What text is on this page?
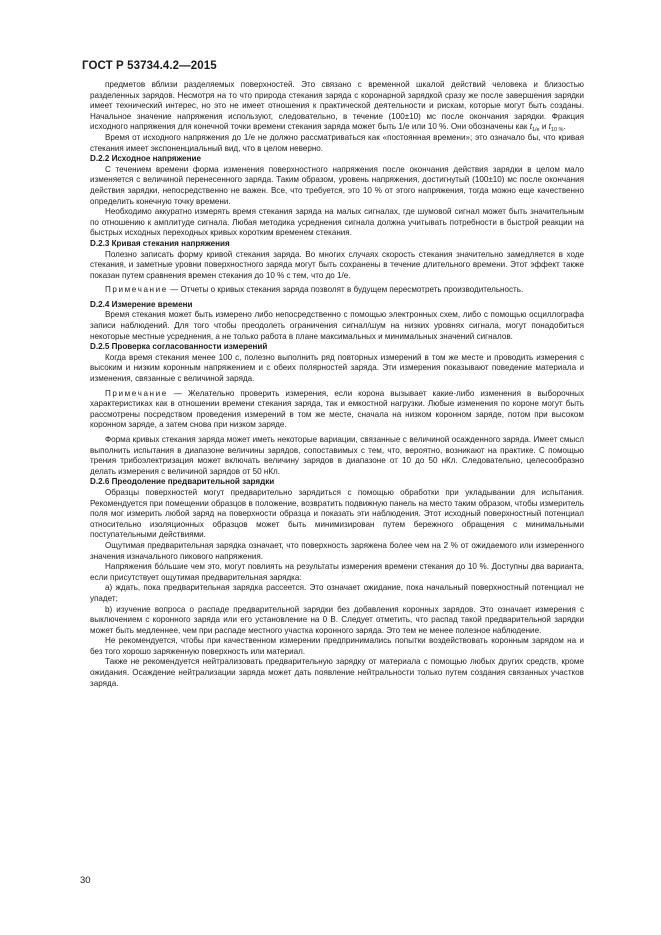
ГОСТ Р 53734.4.2—2015

предметов вблизи разделяемых поверхностей. Это связано с временной шкалой действий человека и близостью разделенных зарядов. Несмотря на то что природа стекания заряда с коронарной зарядкой сразу же после завершения зарядки имеет технический интерес, но это не имеет отношения к практической деятельности и рискам, которые могут быть созданы. Начальное значение напряжения используют, следовательно, в течение (100±10) мс после окончания зарядки. Фракция исходного напряжения для конечной точки времени стекания заряда может быть 1/е или 10 %. Они обозначены как $t_{1/е}$ и $t_{10 \%}$.

Время от исходного напряжения до 1/е не должно рассматриваться как «постоянная времени»; это означало бы, что кривая стекания имеет экспоненциальный вид, что в целом неверно.

D.2.2 Исходное напряжение

С течением времени форма изменения поверхностного напряжения после окончания действия зарядки в целом мало изменяется с величиной перенесенного заряда. Таким образом, уровень напряжения, достигнутый (100±10) мс после окончания действия зарядки, непосредственно не важен. Все, что требуется, это 10 % от этого напряжения, тогда можно еще качественно определить конечную точку времени.

Необходимо аккуратно измерять время стекания заряда на малых сигналах, где шумовой сигнал может быть значительным по отношению к амплитуде сигнала. Любая методика усреднения сигнала должна учитывать потребности в быстрой реакции на быстрых исходных переходных кривых коротким временем стекания.

D.2.3 Кривая стекания напряжения

Полезно записать форму кривой стекания заряда. Во многих случаях скорость стекания значительно замедляется в ходе стекания, и заметные уровни поверхностного заряда могут быть сохранены в течение длительного времени. Этот эффект также показан путем сравнения времен стекания до 10 % с тем, что до 1/е.

Примечание — Отчеты о кривых стекания заряда позволят в будущем пересмотреть производительность.

D.2.4 Измерение времени

Время стекания может быть измерено либо непосредственно с помощью электронных схем, либо с помощью осциллографа записи наблюдений. Для того чтобы преодолеть ограничения сигнал/шум на низких уровнях сигнала, могут понадобиться некоторые местные усреднения, а не только работа в плане максимальных и минимальных значений сигналов.

D.2.5 Проверка согласованности измерений

Когда время стекания менее 100 с, полезно выполнить ряд повторных измерений в том же месте и проводить измерения с высоким и низким коронным напряжением и с обеих полярностей заряда. Эти измерения показывают поведение материала и изменения, связанные с величиной заряда.

Примечание — Желательно проверить измерения, если корона вызывает какие-либо изменения в выборочных характеристиках как в отношении времени стекания заряда, так и емкостной нагрузки. Любые изменения по короне могут быть рассмотрены посредством проведения измерений в том же месте, сначала на низком коронном заряде, потом при высоком коронном заряде, а затем снова при низком заряде.

Форма кривых стекания заряда может иметь некоторые вариации, связанные с величиной осажденного заряда. Имеет смысл выполнить испытания в диапазоне величины зарядов, сопоставимых с тем, что, вероятно, возникают на практике. С помощью трения трибоэлектризация может включать величину зарядов в диапазоне от 10 до 50 нКл. Следовательно, целесообразно делать измерения с величиной зарядов от 50 нКл.

D.2.6 Преодоление предварительной зарядки

Образцы поверхностей могут предварительно зарядиться с помощью обработки при укладывании для испытания. Рекомендуется при помещении образцов в положение, возвратить подвижную панель на место таким образом, чтобы измеритель поля мог измерить любой заряд на поверхности образца и показать эти наблюдения. Этот исходный поверхностный потенциал относительно изоляционных образцов может быть минимизирован путем бережного обращения с минимальными поступательными действиями.

Ощутимая предварительная зарядка означает, что поверхность заряжена более чем на 2 % от ожидаемого или измеренного значения изначального пикового напряжения.

Напряжения бо́льшие чем это, могут повлиять на результаты измерения времени стекания до 10 %. Доступны два варианта, если присутствует ощутимая предварительная зарядка:

а) ждать, пока предварительная зарядка рассеется. Это означает ожидание, пока начальный поверхностный потенциал не упадет;

b) изучение вопроса о распаде предварительной зарядки без добавления коронных зарядов. Это означает измерения с выключением с коронного заряда или его установление на 0 В. Следует отметить, что распад такой предварительной зарядки может быть медленнее, чем при распаде местного участка коронного заряда. Это тем не менее полезное наблюдение.

Не рекомендуется, чтобы при качественном измерении предпринимались попытки воздействовать коронным зарядом на и без того хорошо заряженную поверхность или материал.

Также не рекомендуется нейтрализовать предварительную зарядку от материала с помощью любых других средств, кроме ожидания. Осаждение нейтрализации заряда может дать появление нейтральности только путем создания связанных участков заряда.

30
